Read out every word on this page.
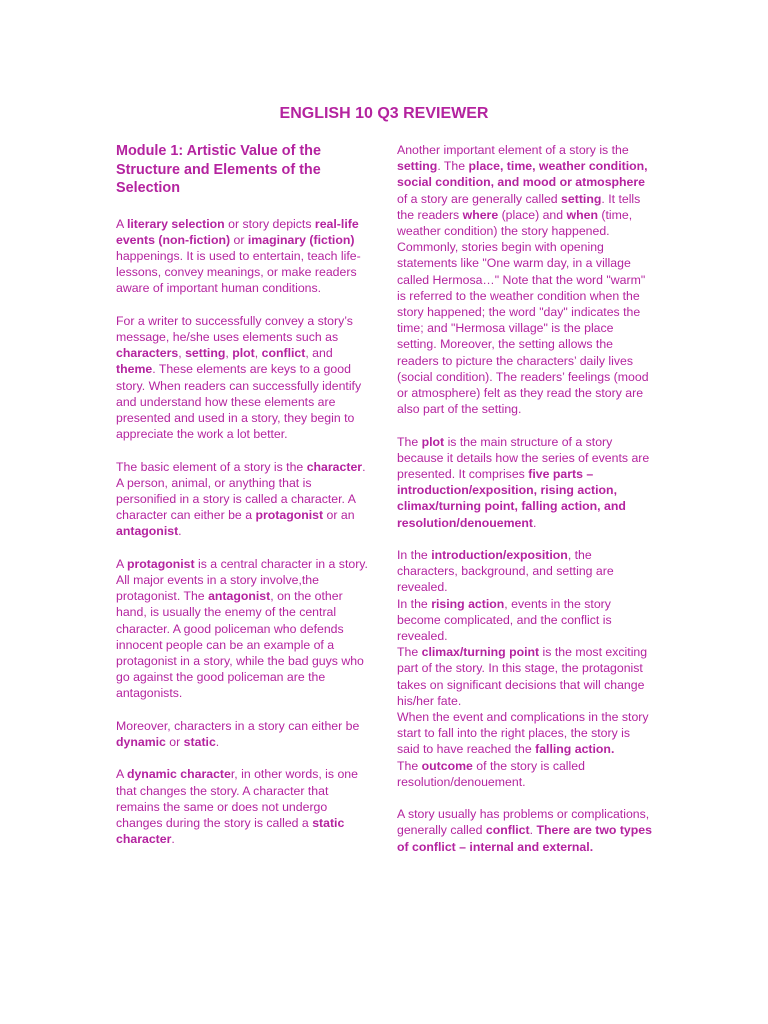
ENGLISH 10 Q3 REVIEWER

Module 1: Artistic Value of the Structure and Elements of the Selection

A literary selection or story depicts real-life events (non-fiction) or imaginary (fiction) happenings. It is used to entertain, teach life-lessons, convey meanings, or make readers aware of important human conditions.

For a writer to successfully convey a story’s message, he/she uses elements such as characters, setting, plot, conflict, and theme. These elements are keys to a good story. When readers can successfully identify and understand how these elements are presented and used in a story, they begin to appreciate the work a lot better.

The basic element of a story is the character. A person, animal, or anything that is personified in a story is called a character. A character can either be a protagonist or an antagonist.

A protagonist is a central character in a story. All major events in a story involve,the protagonist. The antagonist, on the other hand, is usually the enemy of the central character. A good policeman who defends innocent people can be an example of a protagonist in a story, while the bad guys who go against the good policeman are the antagonists.

Moreover, characters in a story can either be dynamic or static.

A dynamic character, in other words, is one that changes the story. A character that remains the same or does not undergo changes during the story is called a static character.

Another important element of a story is the setting. The place, time, weather condition, social condition, and mood or atmosphere of a story are generally called setting. It tells the readers where (place) and when (time, weather condition) the story happened. Commonly, stories begin with opening statements like "One warm day, in a village called Hermosa…" Note that the word "warm" is referred to the weather condition when the story happened; the word "day" indicates the time; and "Hermosa village" is the place setting. Moreover, the setting allows the readers to picture the characters’ daily lives (social condition). The readers’ feelings (mood or atmosphere) felt as they read the story are also part of the setting.

The plot is the main structure of a story because it details how the series of events are presented. It comprises five parts – introduction/exposition, rising action, climax/turning point, falling action, and resolution/denouement.

In the introduction/exposition, the characters, background, and setting are revealed.

In the rising action, events in the story become complicated, and the conflict is revealed.

The climax/turning point is the most exciting part of the story. In this stage, the protagonist takes on significant decisions that will change his/her fate.

When the event and complications in the story start to fall into the right places, the story is said to have reached the falling action.

The outcome of the story is called resolution/denouement.

A story usually has problems or complications, generally called conflict. There are two types of conflict – internal and external.
